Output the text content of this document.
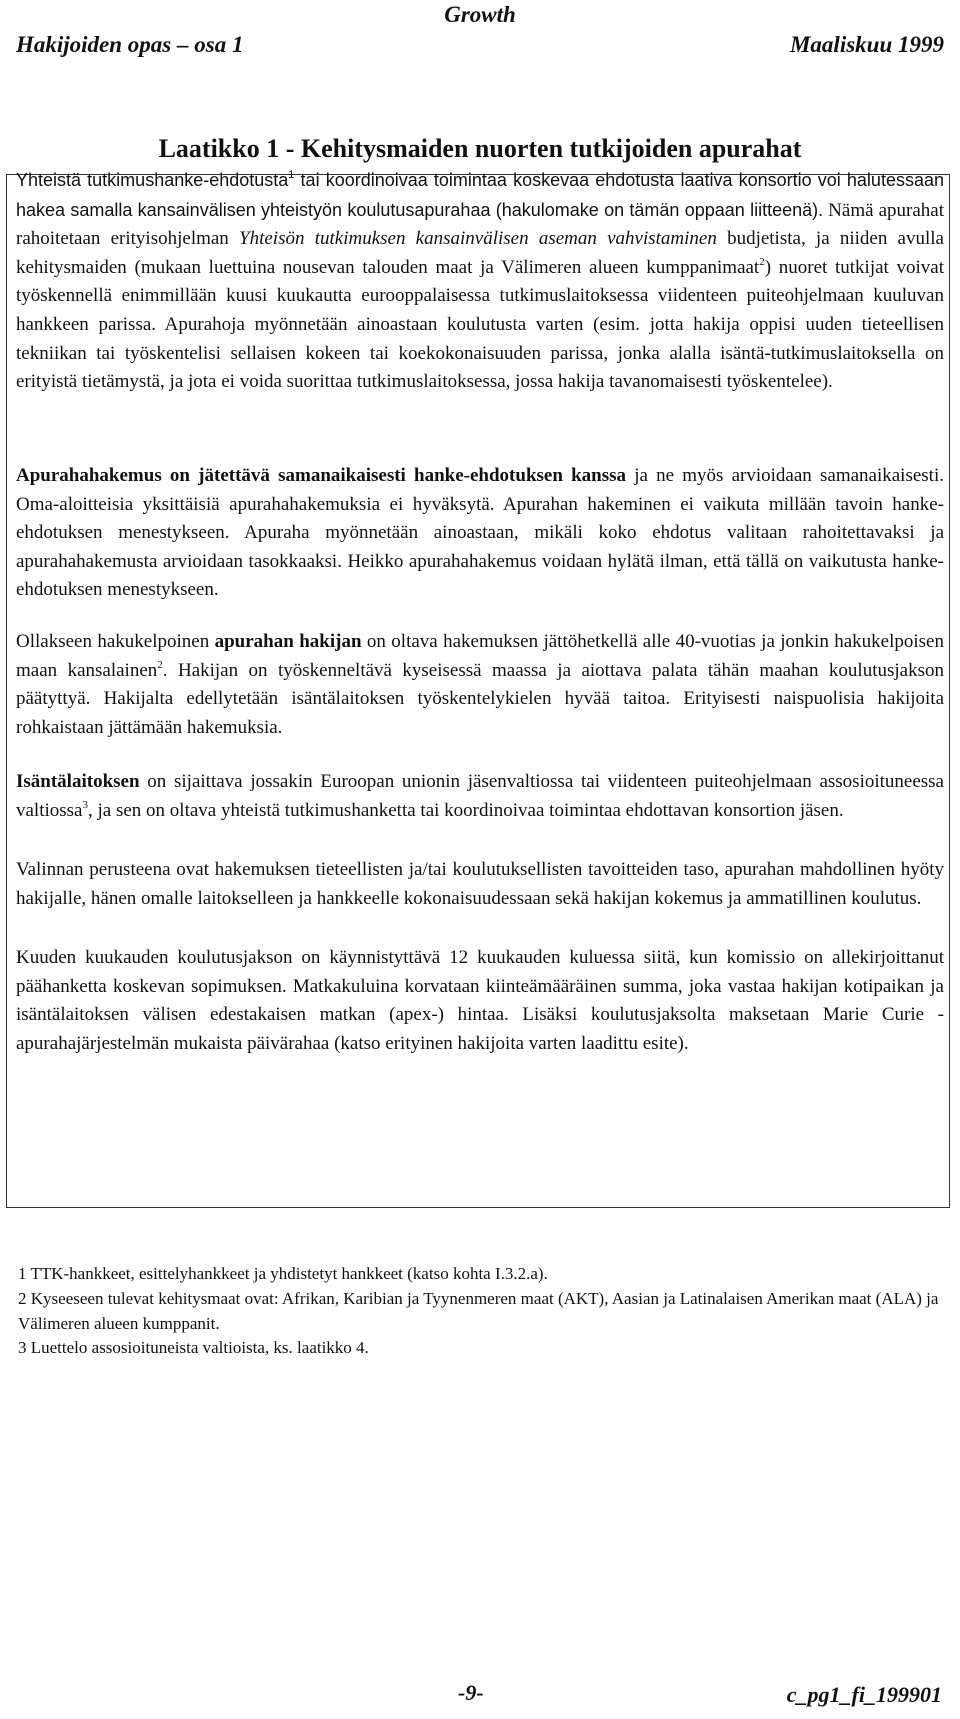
Growth
Hakijoiden opas – osa 1	Maaliskuu 1999
Laatikko 1 - Kehitysmaiden nuorten tutkijoiden apurahat
Yhteistä tutkimushanke-ehdotusta$^1$ tai koordinoivaa toimintaa koskevaa ehdotusta laativa konsortio voi halutessaan hakea samalla kansainvälisen yhteistyön koulutusapurahaa (hakulomake on tämän oppaan liitteenä). Nämä apurahat rahoitetaan erityisohjelman Yhteisön tutkimuksen kansainvälisen aseman vahvistaminen budjetista, ja niiden avulla kehitysmaiden (mukaan luettuina nousevan talouden maat ja Välimeren alueen kumppanimaat$^2$) nuoret tutkijat voivat työskennellä enimmillään kuusi kuukautta eurooppalaisessa tutkimuslaitoksessa viidenteen puiteohjelmaan kuuluvan hankkeen parissa. Apurahoja myönnetään ainoastaan koulutusta varten (esim. jotta hakija oppisi uuden tieteellisen tekniikan tai työskentelisi sellaisen kokeen tai koekokonaisuuden parissa, jonka alalla isäntä-tutkimuslaitoksella on erityistä tietämystä, ja jota ei voida suorittaa tutkimuslaitoksessa, jossa hakija tavanomaisesti työskentelee).
Apurahahakemus on jätettävä samanaikaisesti hanke-ehdotuksen kanssa ja ne myös arvioidaan samanaikaisesti. Oma-aloitteisia yksittäisiä apurahahakemuksia ei hyväksytä. Apurahan hakeminen ei vaikuta millään tavoin hanke-ehdotuksen menestykseen. Apuraha myönnetään ainoastaan, mikäli koko ehdotus valitaan rahoitettavaksi ja apurahahakemusta arvioidaan tasokkaaksi. Heikko apurahahakemus voidaan hylätä ilman, että tällä on vaikutusta hanke-ehdotuksen menestykseen.
Ollakseen hakukelpoinen apurahan hakijan on oltava hakemuksen jättöhetkellä alle 40-vuotias ja jonkin hakukelpoisen maan kansalainen$^2$. Hakijan on työskenneltävä kyseisessä maassa ja aiottava palata tähän maahan koulutusjakson päätyttyä. Hakijalta edellytetään isäntälaitoksen työskentelykielen hyvää taitoa. Erityisesti naispuolisia hakijoita rohkaistaan jättämään hakemuksia.
Isäntälaitoksen on sijaittava jossakin Euroopan unionin jäsenvaltiossa tai viidenteen puiteohjelmaan assosioituneessa valtiossa$^3$, ja sen on oltava yhteistä tutkimushanketta tai koordinoivaa toimintaa ehdottavan konsortion jäsen.
Valinnan perusteena ovat hakemuksen tieteellisten ja/tai koulutuksellisten tavoitteiden taso, apurahan mahdollinen hyöty hakijalle, hänen omalle laitokselleen ja hankkeelle kokonaisuudessaan sekä hakijan kokemus ja ammatillinen koulutus.
Kuuden kuukauden koulutusjakson on käynnistyttävä 12 kuukauden kuluessa siitä, kun komissio on allekirjoittanut päähanketta koskevan sopimuksen. Matkakuluina korvataan kiinteämääräinen summa, joka vastaa hakijan kotipaikan ja isäntälaitoksen välisen edestakaisen matkan (apex-) hintaa. Lisäksi koulutusjaksolta maksetaan Marie Curie -apurahajärjestelmän mukaista päivärahaa (katso erityinen hakijoita varten laadittu esite).
1 TTK-hankkeet, esittelyhankkeet ja yhdistetyt hankkeet (katso kohta I.3.2.a).
2 Kyseeseen tulevat kehitysmaat ovat: Afrikan, Karibian ja Tyynenmeren maat (AKT), Aasian ja Latinalaisen Amerikan maat (ALA) ja Välimeren alueen kumppanit.
3 Luettelo assosioituneista valtioista, ks. laatikko 4.
-9-	c_pg1_fi_199901
